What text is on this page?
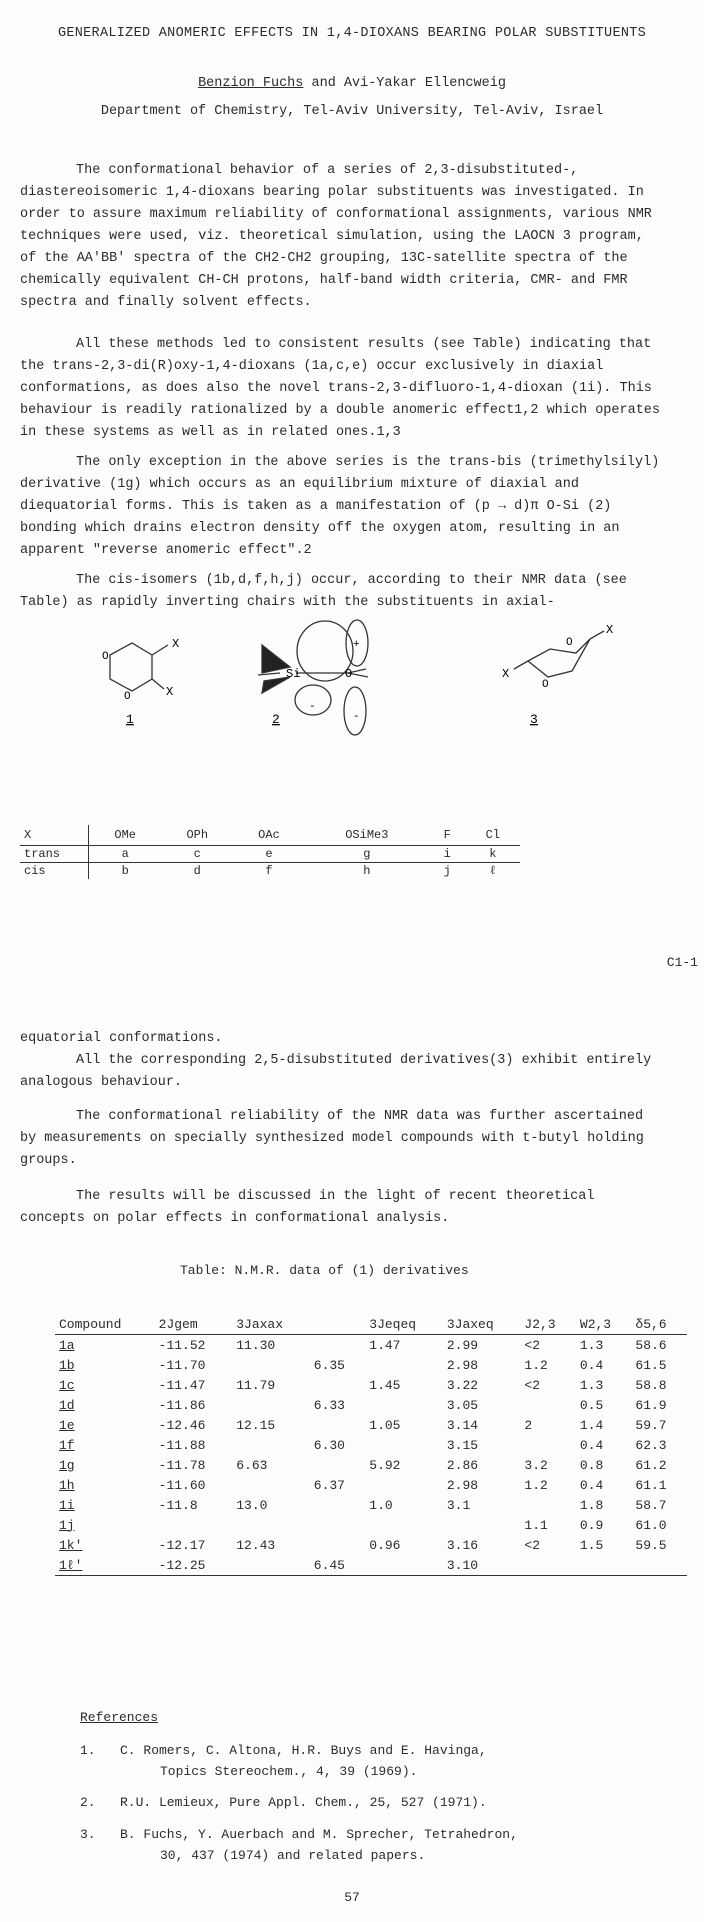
GENERALIZED ANOMERIC EFFECTS IN 1,4-DIOXANS BEARING POLAR SUBSTITUENTS
Benzion Fuchs and Avi-Yakar Ellencweig
Department of Chemistry, Tel-Aviv University, Tel-Aviv, Israel
The conformational behavior of a series of 2,3-disubstituted-, diastereoisomeric 1,4-dioxans bearing polar substituents was investigated. In order to assure maximum reliability of conformational assignments, various NMR techniques were used, viz. theoretical simulation, using the LAOCN 3 program, of the AA'BB' spectra of the CH2-CH2 grouping, 13C-satellite spectra of the chemically equivalent CH-CH protons, half-band width criteria, CMR- and FMR spectra and finally solvent effects.
All these methods led to consistent results (see Table) indicating that the trans-2,3-di(R)oxy-1,4-dioxans (1a,c,e) occur exclusively in diaxial conformations, as does also the novel trans-2,3-difluoro-1,4-dioxan (1i). This behaviour is readily rationalized by a double anomeric effect1,2 which operates in these systems as well as in related ones.1,3
The only exception in the above series is the trans-bis (trimethylsilyl) derivative (1g) which occurs as an equilibrium mixture of diaxial and diequatorial forms. This is taken as a manifestation of (p → d)π O-Si (2) bonding which drains electron density off the oxygen atom, resulting in an apparent "reverse anomeric effect".2
The cis-isomers (1b,d,f,h,j) occur, according to their NMR data (see Table) as rapidly inverting chairs with the substituents in axial-
O
O
X
X
1
Si	O
+
-
-
2
O
O
X
X
3
X	OMe	OPh	OAc	OSiMe3	F	Cl
trans	a	c	e	g	i	k
cis	b	d	f	h	j	ℓ
C1-1
equatorial conformations.
All the corresponding 2,5-disubstituted derivatives(3) exhibit entirely analogous behaviour.
The conformational reliability of the NMR data was further ascertained by measurements on specially synthesized model compounds with t-butyl holding groups.
The results will be discussed in the light of recent theoretical concepts on polar effects in conformational analysis.
Table: N.M.R. data of (1) derivatives
Compound	2Jgem	3Jaxax		3Jeqeq	3Jaxeq	J2,3	W2,3	δ5,6
1a	-11.52	11.30		1.47	2.99	<2	1.3	58.6
1b	-11.70		6.35		2.98	1.2	0.4	61.5
1c	-11.47	11.79		1.45	3.22	<2	1.3	58.8
1d	-11.86		6.33		3.05		0.5	61.9
1e	-12.46	12.15		1.05	3.14	2	1.4	59.7
1f	-11.88		6.30		3.15		0.4	62.3
1g	-11.78	6.63		5.92	2.86	3.2	0.8	61.2
1h	-11.60		6.37		2.98	1.2	0.4	61.1
1i	-11.8	13.0		1.0	3.1		1.8	58.7
1j						1.1	0.9	61.0
1k'	-12.17	12.43		0.96	3.16	<2	1.5	59.5
1ℓ'	-12.25		6.45		3.10			
References
1. C. Romers, C. Altona, H.R. Buys and E. Havinga,
Topics Stereochem., 4, 39 (1969).
2. R.U. Lemieux, Pure Appl. Chem., 25, 527 (1971).
3. B. Fuchs, Y. Auerbach and M. Sprecher, Tetrahedron,
30, 437 (1974) and related papers.
57
